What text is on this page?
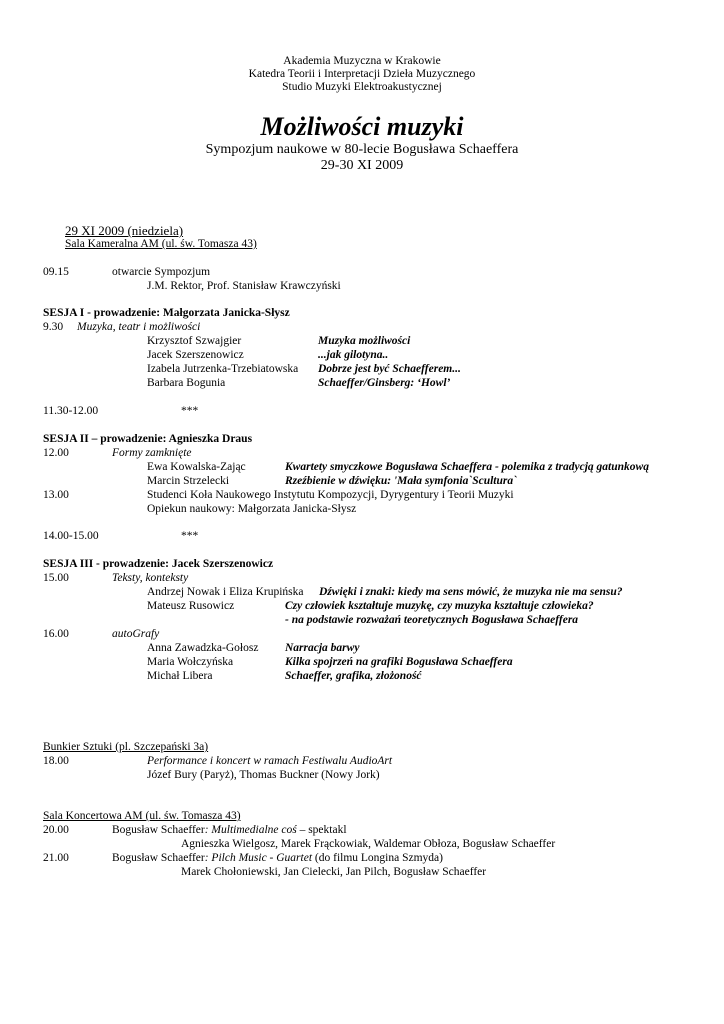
Akademia Muzyczna w Krakowie
Katedra Teorii i Interpretacji Dzieła Muzycznego
Studio Muzyki Elektroakustycznej
Możliwości muzyki
Sympozjum naukowe w 80-lecie Bogusława Schaeffera
29-30 XI 2009
29 XI 2009 (niedziela)
Sala Kameralna AM (ul. św. Tomasza 43)
09.15	otwarcie Sympozjum
J.M. Rektor, Prof. Stanisław Krawczyński
SESJA I - prowadzenie: Małgorzata Janicka-Słysz
9.30 Muzyka, teatr i możliwości
Krzysztof Szwajgier	Muzyka możliwości
Jacek Szerszenowicz	...jak gilotyna..
Izabela Jutrzenka-Trzebiatowska Dobrze jest być Schaefferem...
Barbara Bogunia	Schaeffer/Ginsberg: ‘Howl’
11.30-12.00	***
SESJA II – prowadzenie: Agnieszka Draus
12.00	Formy zamknięte
Ewa Kowalska-Zając	Kwartety smyczkowe Bogusława Schaeffera - polemika z tradycją gatunkową
Marcin Strzelecki	Rzeźbienie w dźwięku: 'Mała symfonia`Scultura`
13.00	Studenci Koła Naukowego Instytutu Kompozycji, Dyrygentury i Teorii Muzyki
Opiekun naukowy: Małgorzata Janicka-Słysz
14.00-15.00	***
SESJA III - prowadzenie: Jacek Szerszenowicz
15.00	Teksty, konteksty
Andrzej Nowak i Eliza Krupińska Dźwięki i znaki: kiedy ma sens mówić, że muzyka nie ma sensu?
Mateusz Rusowicz	Czy człowiek kształtuje muzykę, czy muzyka kształtuje człowieka?
- na podstawie rozważań teoretycznych Bogusława Schaeffera
16.00	autoGrafy
Anna Zawadzka-Gołosz Narracja barwy
Maria Wołczyńska	Kilka spojrzeń na grafiki Bogusława Schaeffera
Michał Libera	Schaeffer, grafika, złożoność
Bunkier Sztuki (pl. Szczepański 3a)
18.00	Performance i koncert w ramach Festiwalu AudioArt
Józef Bury (Paryż), Thomas Buckner (Nowy Jork)
Sala Koncertowa AM (ul. św. Tomasza 43)
20.00	Bogusław Schaeffer: Multimedialne coś – spektakl
Agnieszka Wielgosz, Marek Frąckowiak, Waldemar Obłoza, Bogusław Schaeffer
21.00	Bogusław Schaeffer: Pilch Music - Guartet (do filmu Longina Szmyda)
Marek Chołoniewski, Jan Cielecki, Jan Pilch, Bogusław Schaeffer
